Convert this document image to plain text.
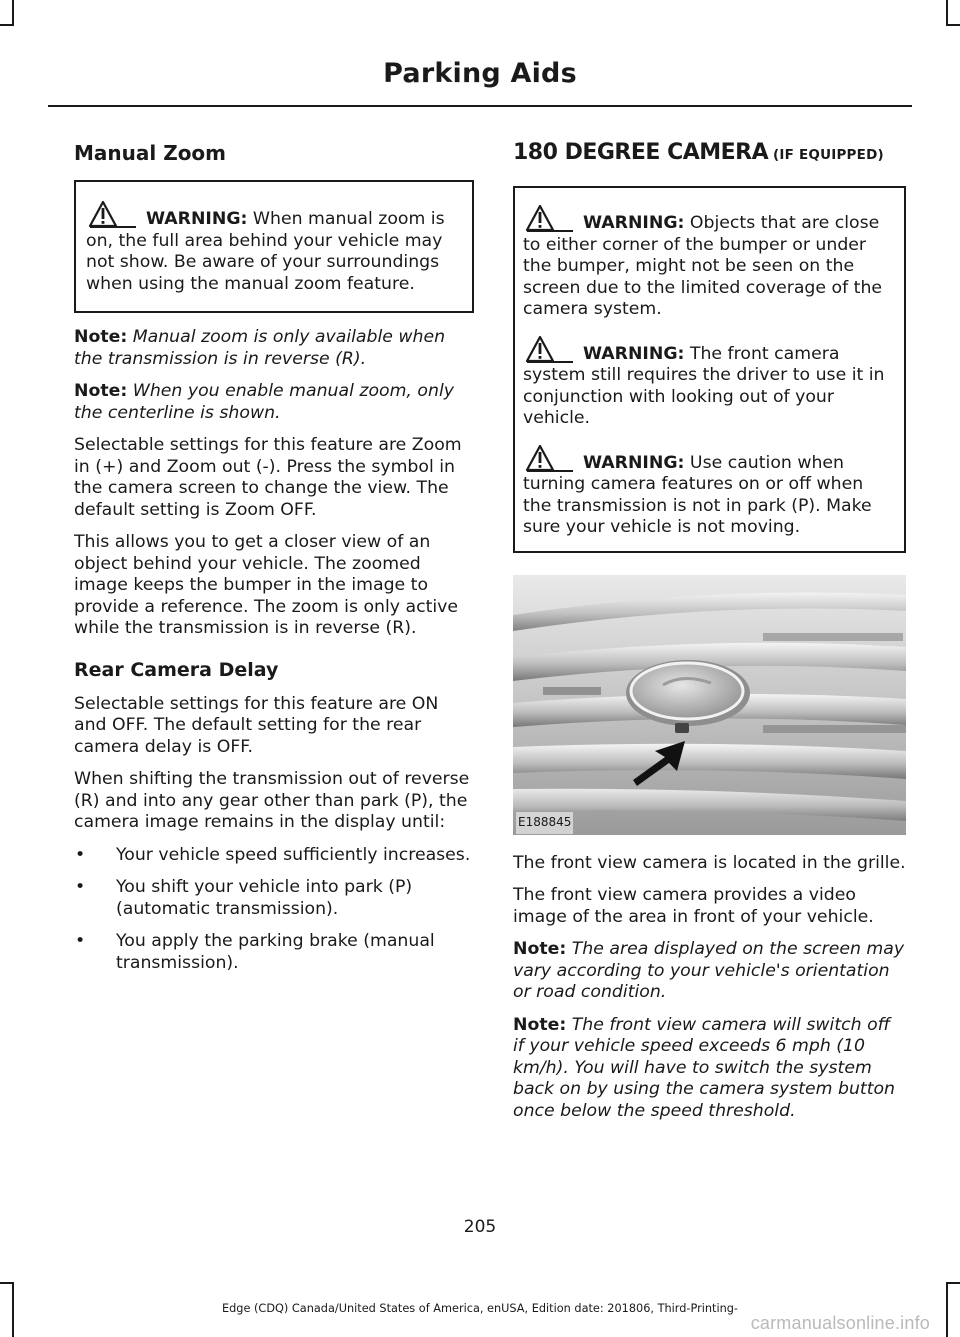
Parking Aids
Manual Zoom

WARNING: When manual zoom is on, the full area behind your vehicle may not show. Be aware of your surroundings when using the manual zoom feature.

Note: Manual zoom is only available when the transmission is in reverse (R).

Note: When you enable manual zoom, only the centerline is shown.

Selectable settings for this feature are Zoom in (+) and Zoom out (-). Press the symbol in the camera screen to change the view. The default setting is Zoom OFF.

This allows you to get a closer view of an object behind your vehicle. The zoomed image keeps the bumper in the image to provide a reference. The zoom is only active while the transmission is in reverse (R).

Rear Camera Delay

Selectable settings for this feature are ON and OFF. The default setting for the rear camera delay is OFF.

When shifting the transmission out of reverse (R) and into any gear other than park (P), the camera image remains in the display until:

• Your vehicle speed sufficiently increases.
• You shift your vehicle into park (P) (automatic transmission).
• You apply the parking brake (manual transmission).
180 DEGREE CAMERA (IF EQUIPPED)

WARNING: Objects that are close to either corner of the bumper or under the bumper, might not be seen on the screen due to the limited coverage of the camera system.

WARNING: The front camera system still requires the driver to use it in conjunction with looking out of your vehicle.

WARNING: Use caution when turning camera features on or off when the transmission is not in park (P). Make sure your vehicle is not moving.

E188845

The front view camera is located in the grille.

The front view camera provides a video image of the area in front of your vehicle.

Note: The area displayed on the screen may vary according to your vehicle's orientation or road condition.

Note: The front view camera will switch off if your vehicle speed exceeds 6 mph (10 km/h). You will have to switch the system back on by using the camera system button once below the speed threshold.

205
Edge (CDQ) Canada/United States of America, enUSA, Edition date: 201806, Third-Printing-
carmanualsonline.info
